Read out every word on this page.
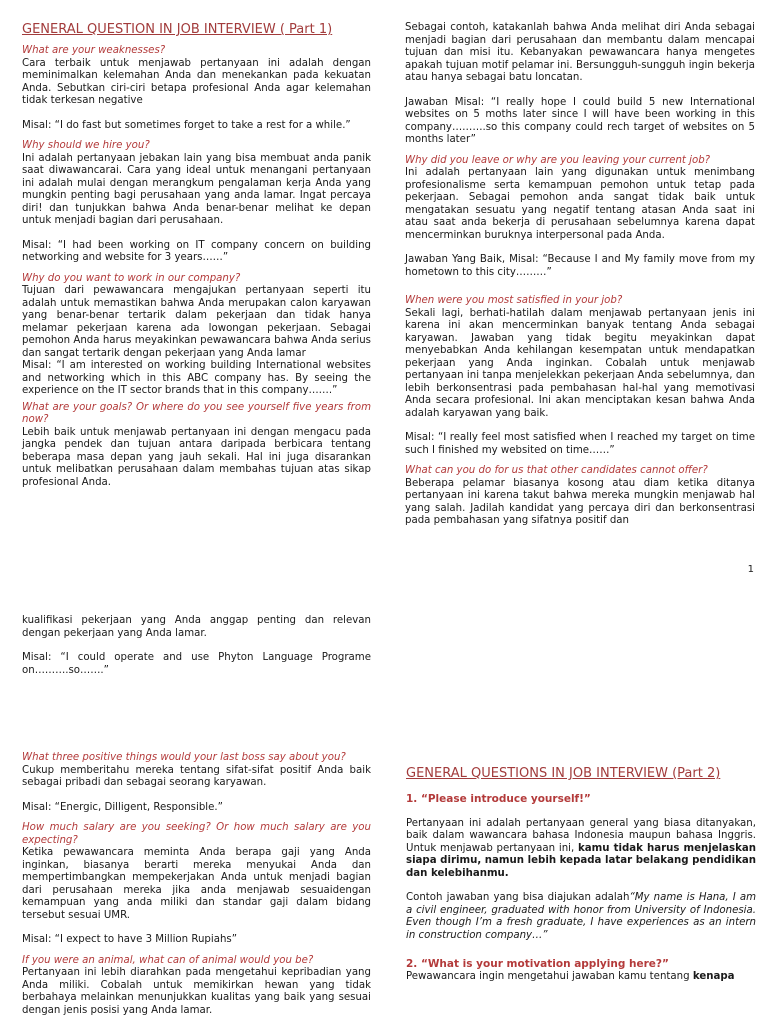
GENERAL QUESTION IN JOB INTERVIEW ( Part 1)
What are your weaknesses?

Cara terbaik untuk menjawab pertanyaan ini adalah dengan meminimalkan kelemahan Anda dan menekankan pada kekuatan Anda. Sebutkan ciri-ciri betapa profesional Anda agar kelemahan tidak terkesan negative

Misal: “I do fast but sometimes forget to take a rest for a while.”

Why should we hire you?

Ini adalah pertanyaan jebakan lain yang bisa membuat anda panik saat diwawancarai. Cara yang ideal untuk menangani pertanyaan ini adalah mulai dengan merangkum pengalaman kerja Anda yang mungkin penting bagi perusahaan yang anda lamar. Ingat percaya diri! dan tunjukkan bahwa Anda benar-benar melihat ke depan untuk menjadi bagian dari perusahaan.

Misal: “I had been working on IT company concern on building networking and website for 3 years……”

Why do you want to work in our company?

Tujuan dari pewawancara mengajukan pertanyaan seperti itu adalah untuk memastikan bahwa Anda merupakan calon karyawan yang benar-benar tertarik dalam pekerjaan dan tidak hanya melamar pekerjaan karena ada lowongan pekerjaan. Sebagai pemohon Anda harus meyakinkan pewawancara bahwa Anda serius dan sangat tertarik dengan pekerjaan yang Anda lamar

Misal: “I am interested on working building International websites and networking which in this ABC company has. By seeing the experience on the IT sector brands that in this company…….”

What are your goals? Or where do you see yourself five years from now?

Lebih baik untuk menjawab pertanyaan ini dengan mengacu pada jangka pendek dan tujuan antara daripada berbicara tentang beberapa masa depan yang jauh sekali. Hal ini juga disarankan untuk melibatkan perusahaan dalam membahas tujuan atas sikap profesional Anda.

Sebagai contoh, katakanlah bahwa Anda melihat diri Anda sebagai menjadi bagian dari perusahaan dan membantu dalam mencapai tujuan dan misi itu. Kebanyakan pewawancara hanya mengetes apakah tujuan motif pelamar ini. Bersungguh-sungguh ingin bekerja atau hanya sebagai batu loncatan.

Jawaban Misal: “I really hope I could build 5 new International websites on 5 moths later since I will have been working in this company……….so this company could rech target of websites on 5 months later”

Why did you leave or why are you leaving your current job?

Ini adalah pertanyaan lain yang digunakan untuk menimbang profesionalisme serta kemampuan pemohon untuk tetap pada pekerjaan. Sebagai pemohon anda sangat tidak baik untuk mengatakan sesuatu yang negatif tentang atasan Anda saat ini atau saat anda bekerja di perusahaan sebelumnya karena dapat mencerminkan buruknya interpersonal pada Anda.

Jawaban Yang Baik, Misal: “Because I and My family move from my hometown to this city………”

When were you most satisfied in your job?

Sekali lagi, berhati-hatilah dalam menjawab pertanyaan jenis ini karena ini akan mencerminkan banyak tentang Anda sebagai karyawan. Jawaban yang tidak begitu meyakinkan dapat menyebabkan Anda kehilangan kesempatan untuk mendapatkan pekerjaan yang Anda inginkan. Cobalah untuk menjawab pertanyaan ini tanpa menjelekkan pekerjaan Anda sebelumnya, dan lebih berkonsentrasi pada pembahasan hal-hal yang memotivasi Anda secara profesional. Ini akan menciptakan kesan bahwa Anda adalah karyawan yang baik.

Misal: “I really feel most satisfied when I reached my target on time such I finished my websited on time……”

What can you do for us that other candidates cannot offer?

Beberapa pelamar biasanya kosong atau diam ketika ditanya pertanyaan ini karena takut bahwa mereka mungkin menjawab hal yang salah. Jadilah kandidat yang percaya diri dan berkonsentrasi pada pembahasan yang sifatnya positif dan

1

kualifikasi pekerjaan yang Anda anggap penting dan relevan dengan pekerjaan yang Anda lamar.

Misal: “I could operate and use Phyton Language Programe on……….so…….”

What three positive things would your last boss say about you?

Cukup memberitahu mereka tentang sifat-sifat positif Anda baik sebagai pribadi dan sebagai seorang karyawan.

Misal: “Energic, Dilligent, Responsible.”

How much salary are you seeking? Or how much salary are you expecting?

Ketika pewawancara meminta Anda berapa gaji yang Anda inginkan, biasanya berarti mereka menyukai Anda dan mempertimbangkan mempekerjakan Anda untuk menjadi bagian dari perusahaan mereka jika anda menjawab sesuaidengan kemampuan yang anda miliki dan standar gaji dalam bidang tersebut sesuai UMR.

Misal: “I expect to have 3 Million Rupiahs”

If you were an animal, what can of animal would you be?

Pertanyaan ini lebih diarahkan pada mengetahui kepribadian yang Anda miliki. Cobalah untuk memikirkan hewan yang tidak berbahaya melainkan menunjukkan kualitas yang baik yang sesuai dengan jenis posisi yang Anda lamar.

GENERAL QUESTIONS IN JOB INTERVIEW (Part 2)
1. “Please introduce yourself!”

Pertanyaan ini adalah pertanyaan general yang biasa ditanyakan, baik dalam wawancara bahasa Indonesia maupun bahasa Inggris. Untuk menjawab pertanyaan ini, kamu tidak harus menjelaskan siapa dirimu, namun lebih kepada latar belakang pendidikan dan kelebihanmu.

Contoh jawaban yang bisa diajukan adalah“My name is Hana, I am a civil engineer, graduated with honor from University of Indonesia. Even though I’m a fresh graduate, I have experiences as an intern in construction company…”

2. “What is your motivation applying here?”

Pewawancara ingin mengetahui jawaban kamu tentang kenapa
